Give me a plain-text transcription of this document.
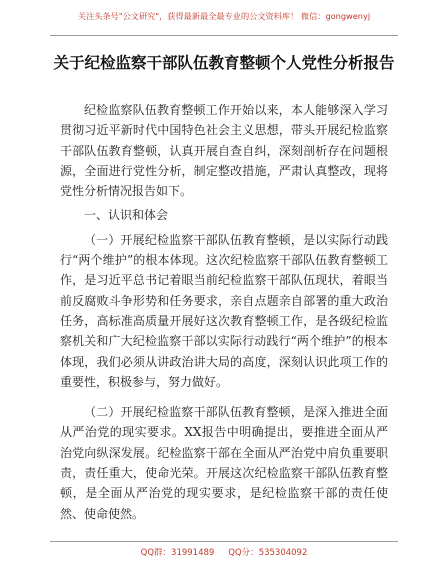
关注头条号"公文研究"，获得最新最全最专业的公文资料库！ 微信：gongwenyj
关于纪检监察干部队伍教育整顿个人党性分析报告

纪检监察队伍教育整顿工作开始以来，本人能够深入学习贯彻习近平新时代中国特色社会主义思想，带头开展纪检监察干部队伍教育整顿，认真开展自查自纠，深刻剖析存在问题根源，全面进行党性分析，制定整改措施，严肃认真整改，现将党性分析情况报告如下。

一、认识和体会

（一）开展纪检监察干部队伍教育整顿，是以实际行动践行“两个维护”的根本体现。这次纪检监察干部队伍教育整顿工作，是习近平总书记着眼当前纪检监察干部队伍现状，着眼当前反腐败斗争形势和任务要求，亲自点题亲自部署的重大政治任务，高标准高质量开展好这次教育整顿工作，是各级纪检监察机关和广大纪检监察干部以实际行动践行“两个维护”的根本体现，我们必须从讲政治讲大局的高度，深刻认识此项工作的重要性，积极参与，努力做好。

（二）开展纪检监察干部队伍教育整顿，是深入推进全面从严治党的现实要求。XX报告中明确提出，要推进全面从严治党向纵深发展。纪检监察干部在全面从严治党中肩负重要职责，责任重大，使命光荣。开展这次纪检监察干部队伍教育整顿，是全面从严治党的现实要求，是纪检监察干部的责任使然、使命使然。

QQ群：31991489 QQ分：535304092
